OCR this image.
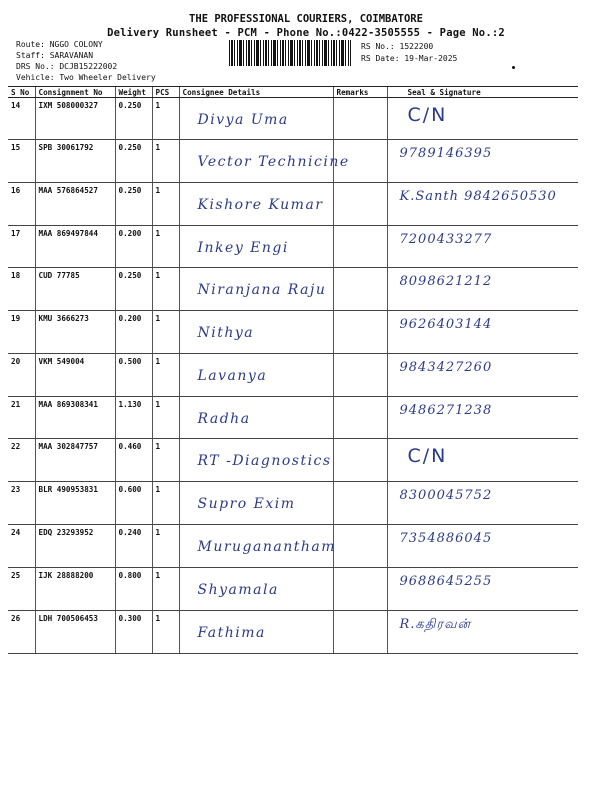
THE PROFESSIONAL COURIERS, COIMBATORE
Delivery Runsheet - PCM - Phone No.:0422-3505555 - Page No.:2
Route: NGGO COLONY
Staff: SARAVANAN
DRS No.: DCJB15222002
Vehicle: Two Wheeler Delivery
RS No.: 1522200
RS Date: 19-Mar-2025
S No	Consignment No	Weight	PCS	Consignee Details	Remarks	Seal & Signature
14	IXM 508000327	0.250	1	Divya Uma		C/N

15	SPB 30061792	0.250	1	Vector Technicine		9789146395

16	MAA 576864527	0.250	1	Kishore Kumar		K.Santh 9842650530

17	MAA 869497844	0.200	1	Inkey Engi		7200433277

18	CUD 77785	0.250	1	Niranjana Raju		8098621212

19	KMU 3666273	0.200	1	Nithya		9626403144

20	VKM 549004	0.500	1	Lavanya		9843427260

21	MAA 869308341	1.130	1	Radha		9486271238

22	MAA 302847757	0.460	1	RT -Diagnostics		C/N

23	BLR 490953831	0.600	1	Supro Exim		8300045752

24	EDQ 23293952	0.240	1	Muruganantham		7354886045

25	IJK 28888200	0.800	1	Shyamala		9688645255

26	LDH 700506453	0.300	1	Fathima		R.கதிரவன்
